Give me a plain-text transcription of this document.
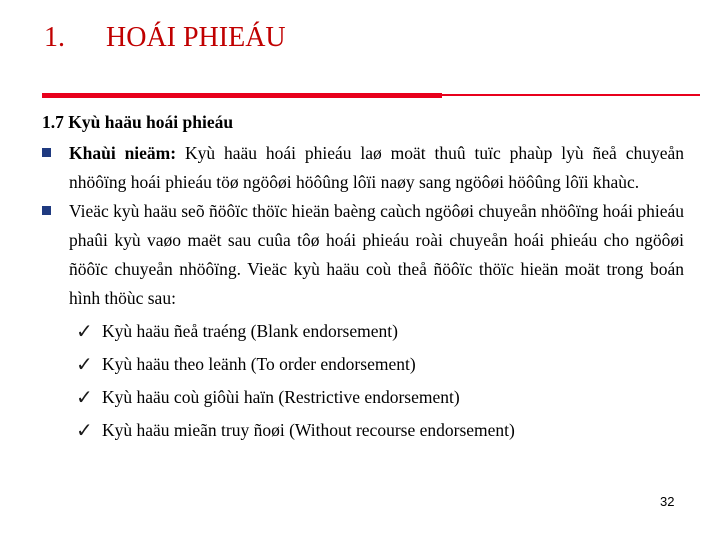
1. HOÁI PHIEÁU

1.7 Kyù haäu hoái phieáu

Khaùi nieäm: Kyù haäu hoái phieáu laø moät thuû tuïc phaùp lyù ñeå chuyeån nhöôïng hoái phieáu töø ngöôøi höôûng lôïi naøy sang ngöôøi höôûng lôïi khaùc.

Vieäc kyù haäu seõ ñöôïc thöïc hieän baèng caùch ngöôøi chuyeån nhöôïng hoái phieáu phaûi kyù vaøo maët sau cuûa tôø hoái phieáu roài chuyeån hoái phieáu cho ngöôøi ñöôïc chuyeån nhöôïng. Vieäc kyù haäu coù theå ñöôïc thöïc hieän moät trong boán hình thöùc sau:

✓ Kyù haäu ñeå traéng (Blank endorsement)
✓ Kyù haäu theo leänh (To order endorsement)
✓ Kyù haäu coù giôùi haïn (Restrictive endorsement)
✓ Kyù haäu mieãn truy ñoøi (Without recourse endorsement)
32
